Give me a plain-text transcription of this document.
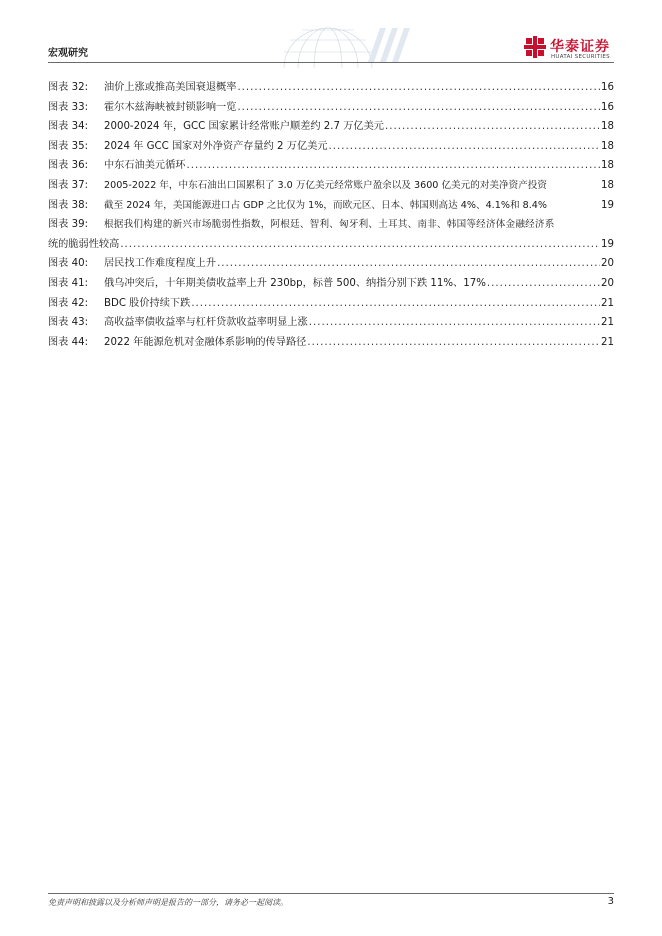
宏观研究	华泰证券
HUATAI SECURITIES
图表 32:	油价上涨或推高美国衰退概率 .....	16
图表 33:	霍尔木兹海峡被封锁影响一览 .....	16
图表 34:	2000-2024 年，GCC 国家累计经常账户顺差约 2.7 万亿美元 .....	18
图表 35:	2024 年 GCC 国家对外净资产存量约 2 万亿美元 .....	18
图表 36:	中东石油美元循环 .....	18
图表 37:	2005-2022 年，中东石油出口国累积了 3.0 万亿美元经常账户盈余以及 3600 亿美元的对美净资产投资	18
图表 38:	截至 2024 年，美国能源进口占 GDP 之比仅为 1%，而欧元区、日本、韩国则高达 4%、4.1%和 8.4%	19
图表 39:	根据我们构建的新兴市场脆弱性指数，阿根廷、智利、匈牙利、土耳其、南非、韩国等经济体金融经济系
统的脆弱性较高 .....	19
图表 40:	居民找工作难度程度上升 .....	20
图表 41:	俄乌冲突后，十年期美债收益率上升 230bp，标普 500、纳指分别下跌 11%、17% .....	20
图表 42:	BDC 股价持续下跌 .....	21
图表 43:	高收益率债收益率与杠杆贷款收益率明显上涨 .....	21
图表 44:	2022 年能源危机对金融体系影响的传导路径 .....	21
免责声明和披露以及分析师声明是报告的一部分，请务必一起阅读。	3
